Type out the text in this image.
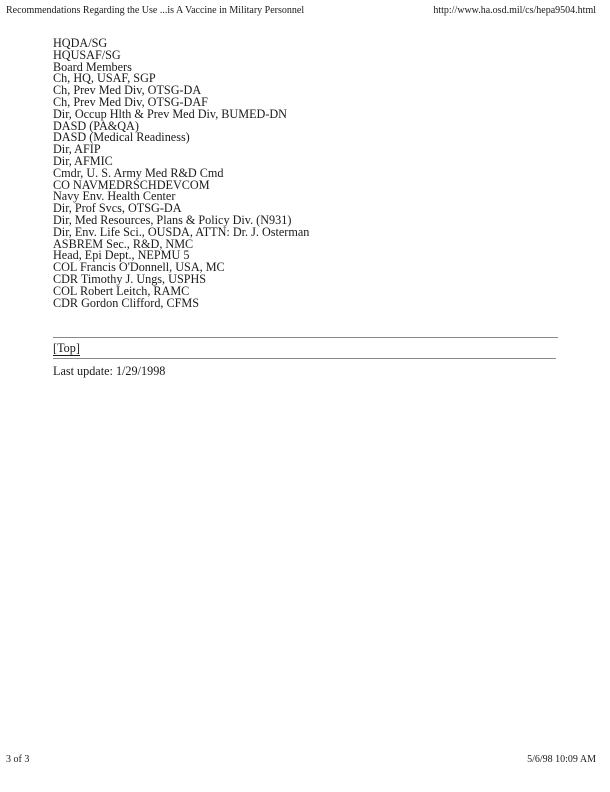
Recommendations Regarding the Use ...is A Vaccine in Military Personnel	http://www.ha.osd.mil/cs/hepa9504.html
HQDA/SG
HQUSAF/SG
Board Members
Ch, HQ, USAF, SGP
Ch, Prev Med Div, OTSG-DA
Ch, Prev Med Div, OTSG-DAF
Dir, Occup Hlth & Prev Med Div, BUMED-DN
DASD (PA&QA)
DASD (Medical Readiness)
Dir, AFIP
Dir, AFMIC
Cmdr, U. S. Army Med R&D Cmd
CO NAVMEDRSCHDEVCOM
Navy Env. Health Center
Dir, Prof Svcs, OTSG-DA
Dir, Med Resources, Plans & Policy Div. (N931)
Dir, Env. Life Sci., OUSDA, ATTN: Dr. J. Osterman
ASBREM Sec., R&D, NMC
Head, Epi Dept., NEPMU 5
COL Francis O'Donnell, USA, MC
CDR Timothy J. Ungs, USPHS
COL Robert Leitch, RAMC
CDR Gordon Clifford, CFMS
[Top]
Last update: 1/29/1998
3 of 3	5/6/98 10:09 AM
